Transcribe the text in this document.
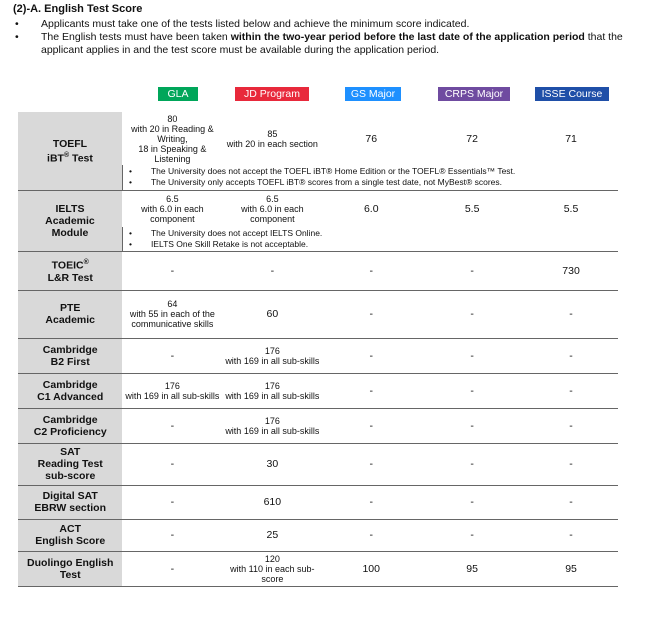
(2)-A. English Test Score
• Applicants must take one of the tests listed below and achieve the minimum score indicated.
• The English tests must have been taken within the two-year period before the last date of the application period that the applicant applies in and the test score must be available during the application period.
GLA	JD Program	GS Major	CRPS Major	ISSE Course
TOEFL
iBT® Test	80
with 20 in Reading & Writing,
18 in Speaking & Listening	85
with 20 in each section	76	72	71

	• The University does not accept the TOEFL iBT® Home Edition or the TOEFL® Essentials™ Test.
• The University only accepts TOEFL iBT® scores from a single test date, not MyBest® scores.

IELTS
Academic
Module	6.5
with 6.0 in each component	6.5
with 6.0 in each component	6.0	5.5	5.5

	• The University does not accept IELTS Online.
• IELTS One Skill Retake is not acceptable.

TOEIC®
L&R Test	-	-	-	-	730
PTE
Academic	64
with 55 in each of the communicative skills	60	-	-	-
Cambridge
B2 First	-	176
with 169 in all sub-skills	-	-	-
Cambridge
C1 Advanced	176
with 169 in all sub-skills	176
with 169 in all sub-skills	-	-	-
Cambridge
C2 Proficiency	-	176
with 169 in all sub-skills	-	-	-
SAT
Reading Test
sub-score	-	30	-	-	-
Digital SAT
EBRW section	-	610	-	-	-
ACT
English Score	-	25	-	-	-
Duolingo English
Test	-	120
with 110 in each sub-score	100	95	95
